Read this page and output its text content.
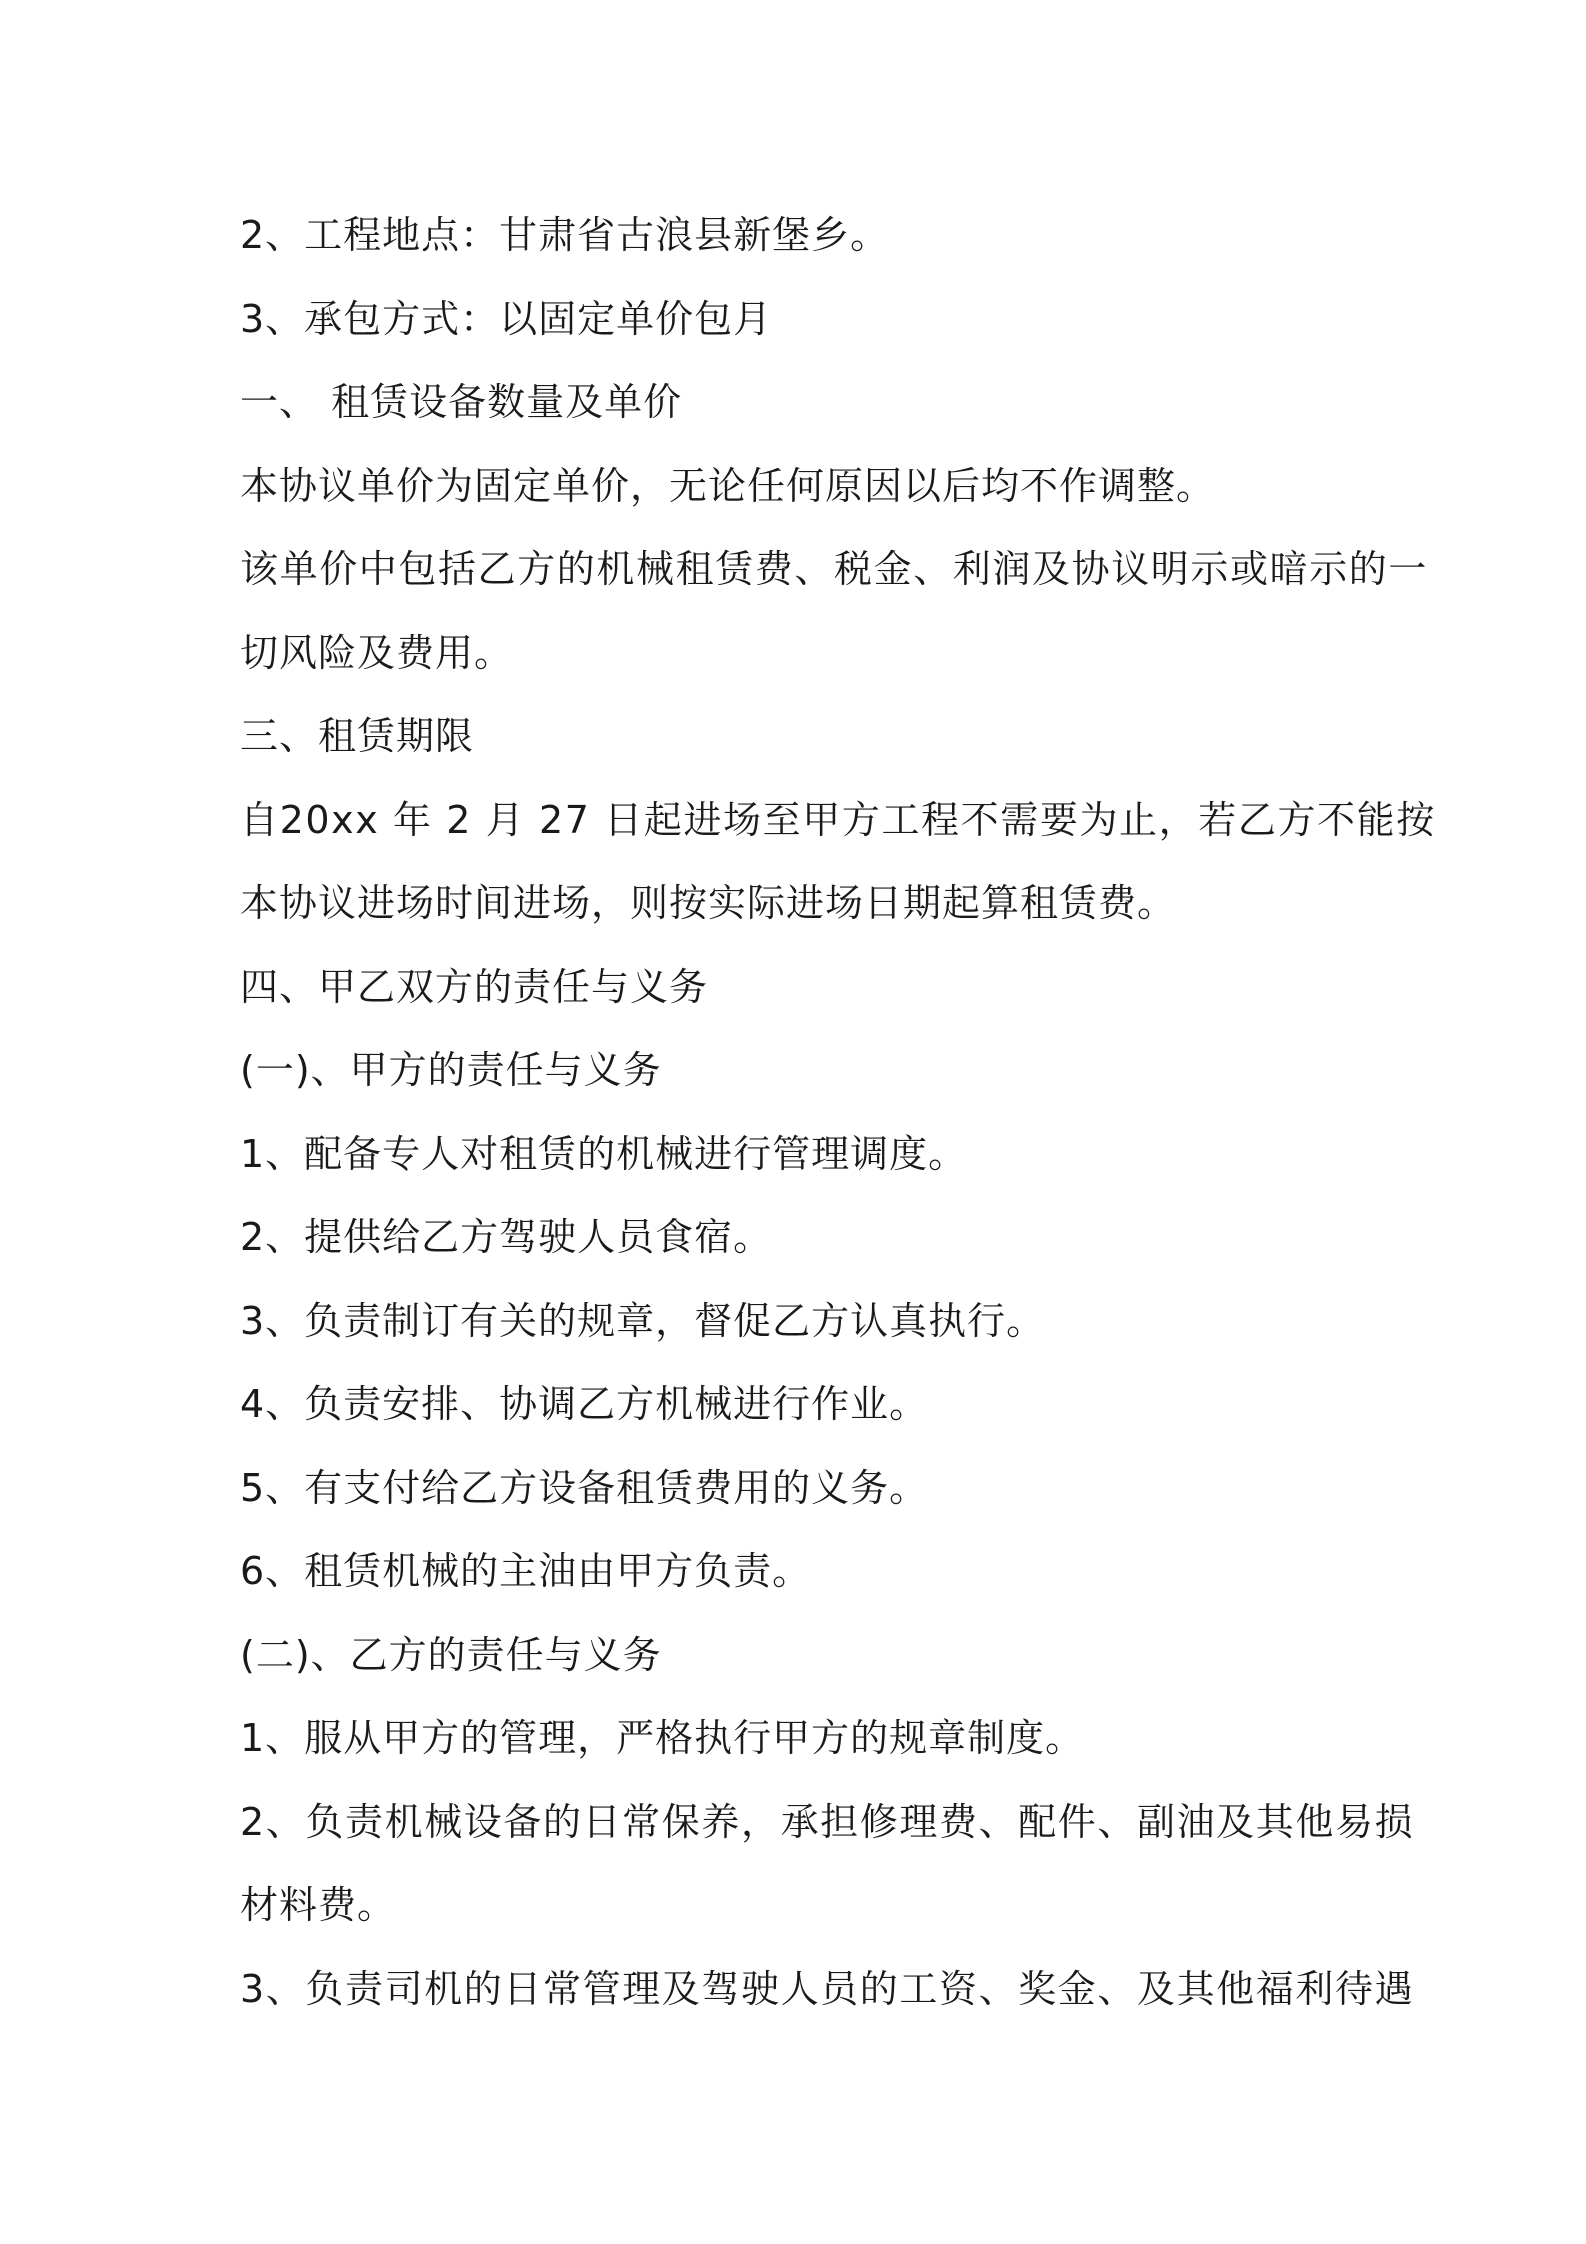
2、工程地点：甘肃省古浪县新堡乡。
3、承包方式：以固定单价包月
一、 租赁设备数量及单价
本协议单价为固定单价，无论任何原因以后均不作调整。
该单价中包括乙方的机械租赁费、税金、利润及协议明示或暗示的一
切风险及费用。
三、租赁期限
自20xx 年 2 月 27 日起进场至甲方工程不需要为止，若乙方不能按
本协议进场时间进场，则按实际进场日期起算租赁费。
四、甲乙双方的责任与义务
(一)、甲方的责任与义务
1、配备专人对租赁的机械进行管理调度。
2、提供给乙方驾驶人员食宿。
3、负责制订有关的规章，督促乙方认真执行。
4、负责安排、协调乙方机械进行作业。
5、有支付给乙方设备租赁费用的义务。
6、租赁机械的主油由甲方负责。
(二)、乙方的责任与义务
1、服从甲方的管理，严格执行甲方的规章制度。
2、负责机械设备的日常保养，承担修理费、配件、副油及其他易损
材料费。
3、负责司机的日常管理及驾驶人员的工资、奖金、及其他福利待遇
